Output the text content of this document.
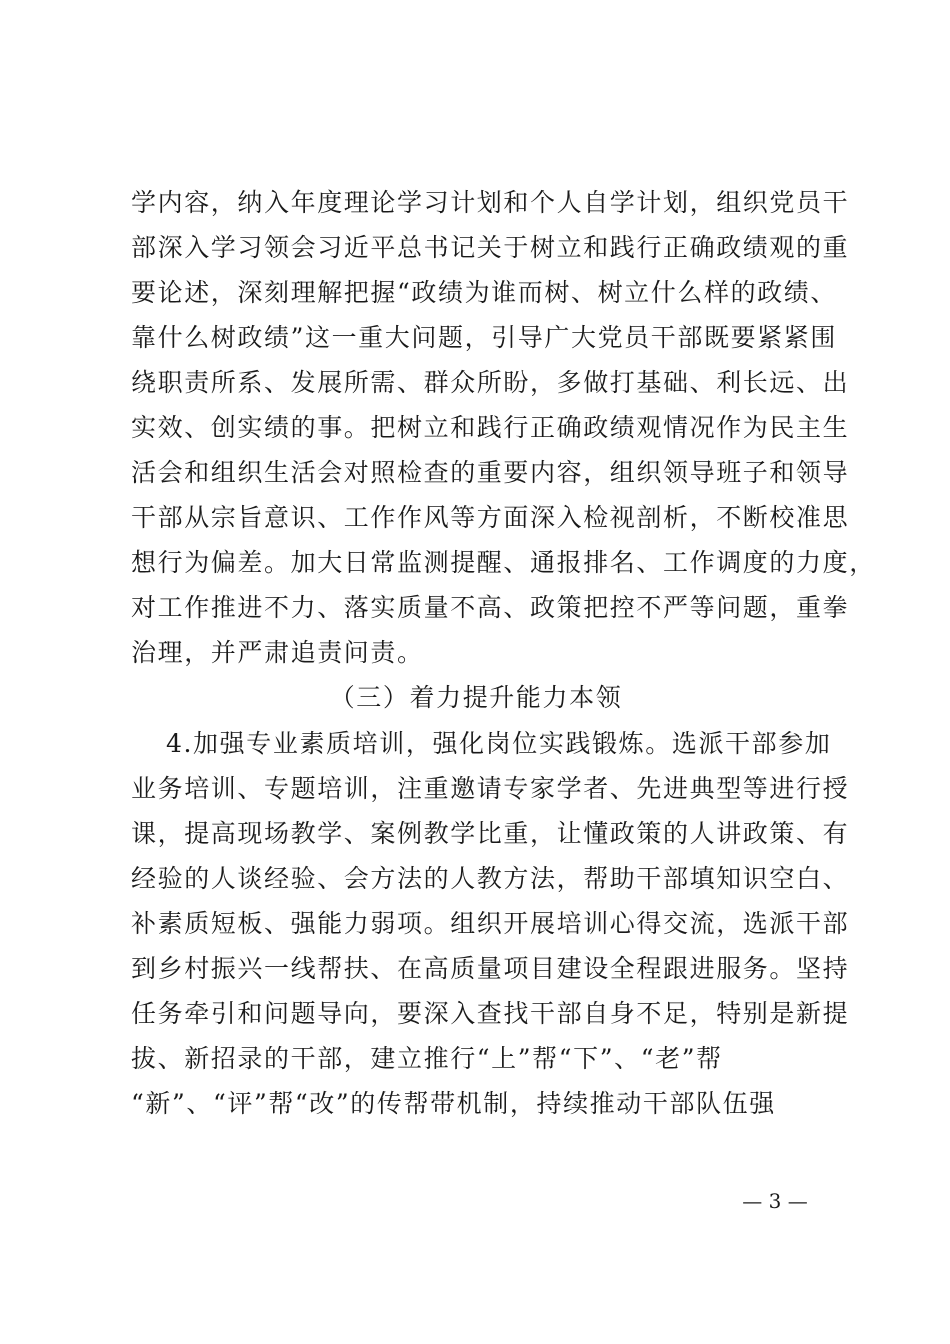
学内容，纳入年度理论学习计划和个人自学计划，组织党员干
部深入学习领会习近平总书记关于树立和践行正确政绩观的重
要论述，深刻理解把握“政绩为谁而树、树立什么样的政绩、
靠什么树政绩”这一重大问题，引导广大党员干部既要紧紧围
绕职责所系、发展所需、群众所盼，多做打基础、利长远、出
实效、创实绩的事。把树立和践行正确政绩观情况作为民主生
活会和组织生活会对照检查的重要内容，组织领导班子和领导
干部从宗旨意识、工作作风等方面深入检视剖析，不断校准思
想行为偏差。加大日常监测提醒、通报排名、工作调度的力度，
对工作推进不力、落实质量不高、政策把控不严等问题，重拳
治理，并严肃追责问责。
（三）着力提升能力本领
4.加强专业素质培训，强化岗位实践锻炼。选派干部参加
业务培训、专题培训，注重邀请专家学者、先进典型等进行授
课，提高现场教学、案例教学比重，让懂政策的人讲政策、有
经验的人谈经验、会方法的人教方法，帮助干部填知识空白、
补素质短板、强能力弱项。组织开展培训心得交流，选派干部
到乡村振兴一线帮扶、在高质量项目建设全程跟进服务。坚持
任务牵引和问题导向，要深入查找干部自身不足，特别是新提
拔、新招录的干部，建立推行“上”帮“下”、“老”帮
“新”、“评”帮“改”的传帮带机制，持续推动干部队伍强
— 3 —
